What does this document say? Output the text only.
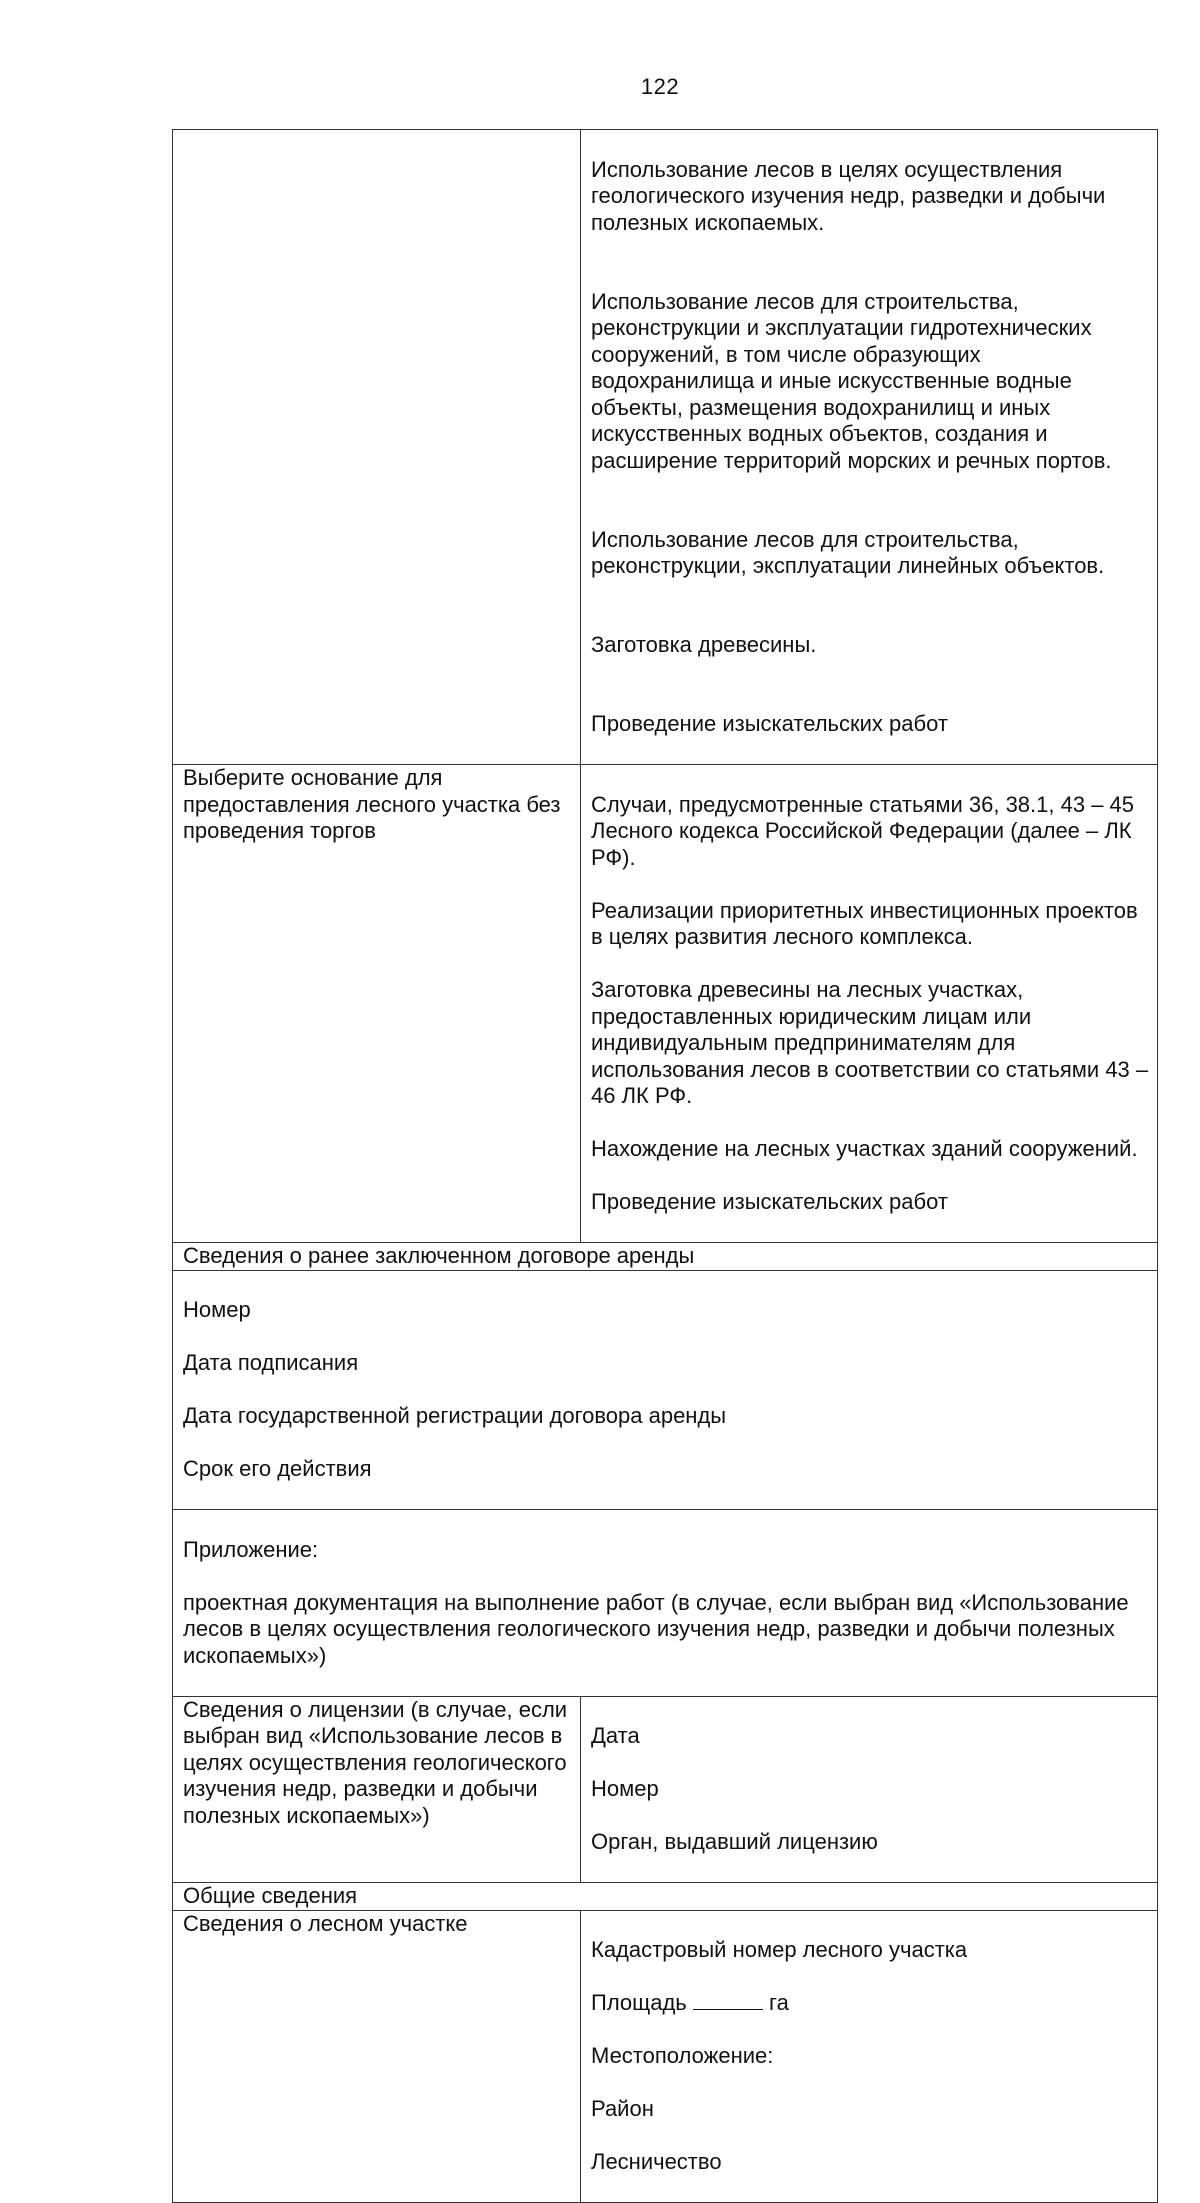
122

	Использование лесов в целях осуществления геологического изучения недр, разведки и добычи полезных ископаемых.

Использование лесов для строительства, реконструкции и эксплуатации гидротехнических сооружений, в том числе образующих водохранилища и иные искусственные водные объекты, размещения водохранилищ и иных искусственных водных объектов, создания и расширение территорий морских и речных портов.

Использование лесов для строительства, реконструкции, эксплуатации линейных объектов.

Заготовка древесины.

Проведение изыскательских работ

Выберите основание для предоставления лесного участка без проведения торгов	Случаи, предусмотренные статьями 36, 38.1, 43 – 45 Лесного кодекса Российской Федерации (далее – ЛК РФ).

Реализации приоритетных инвестиционных проектов в целях развития лесного комплекса.

Заготовка древесины на лесных участках, предоставленных юридическим лицам или индивидуальным предпринимателям для использования лесов в соответствии со статьями 43 – 46 ЛК РФ.

Нахождение на лесных участках зданий сооружений.

Проведение изыскательских работ

Сведения о ранее заключенном договоре аренды	

Номер

Дата подписания

Дата государственной регистрации договора аренды

Срок его действия	

Приложение:

проектная документация на выполнение работ (в случае, если выбран вид «Использование лесов в целях осуществления геологического изучения недр, разведки и добычи полезных ископаемых»)	

Сведения о лицензии (в случае, если выбран вид «Использование лесов в целях осуществления геологического изучения недр, разведки и добычи полезных ископаемых»)	Дата

Номер

Орган, выдавший лицензию

Общие сведения	
Сведения о лесном участке	Кадастровый номер лесного участка

Площадь га

Местоположение:

Район

Лесничество
